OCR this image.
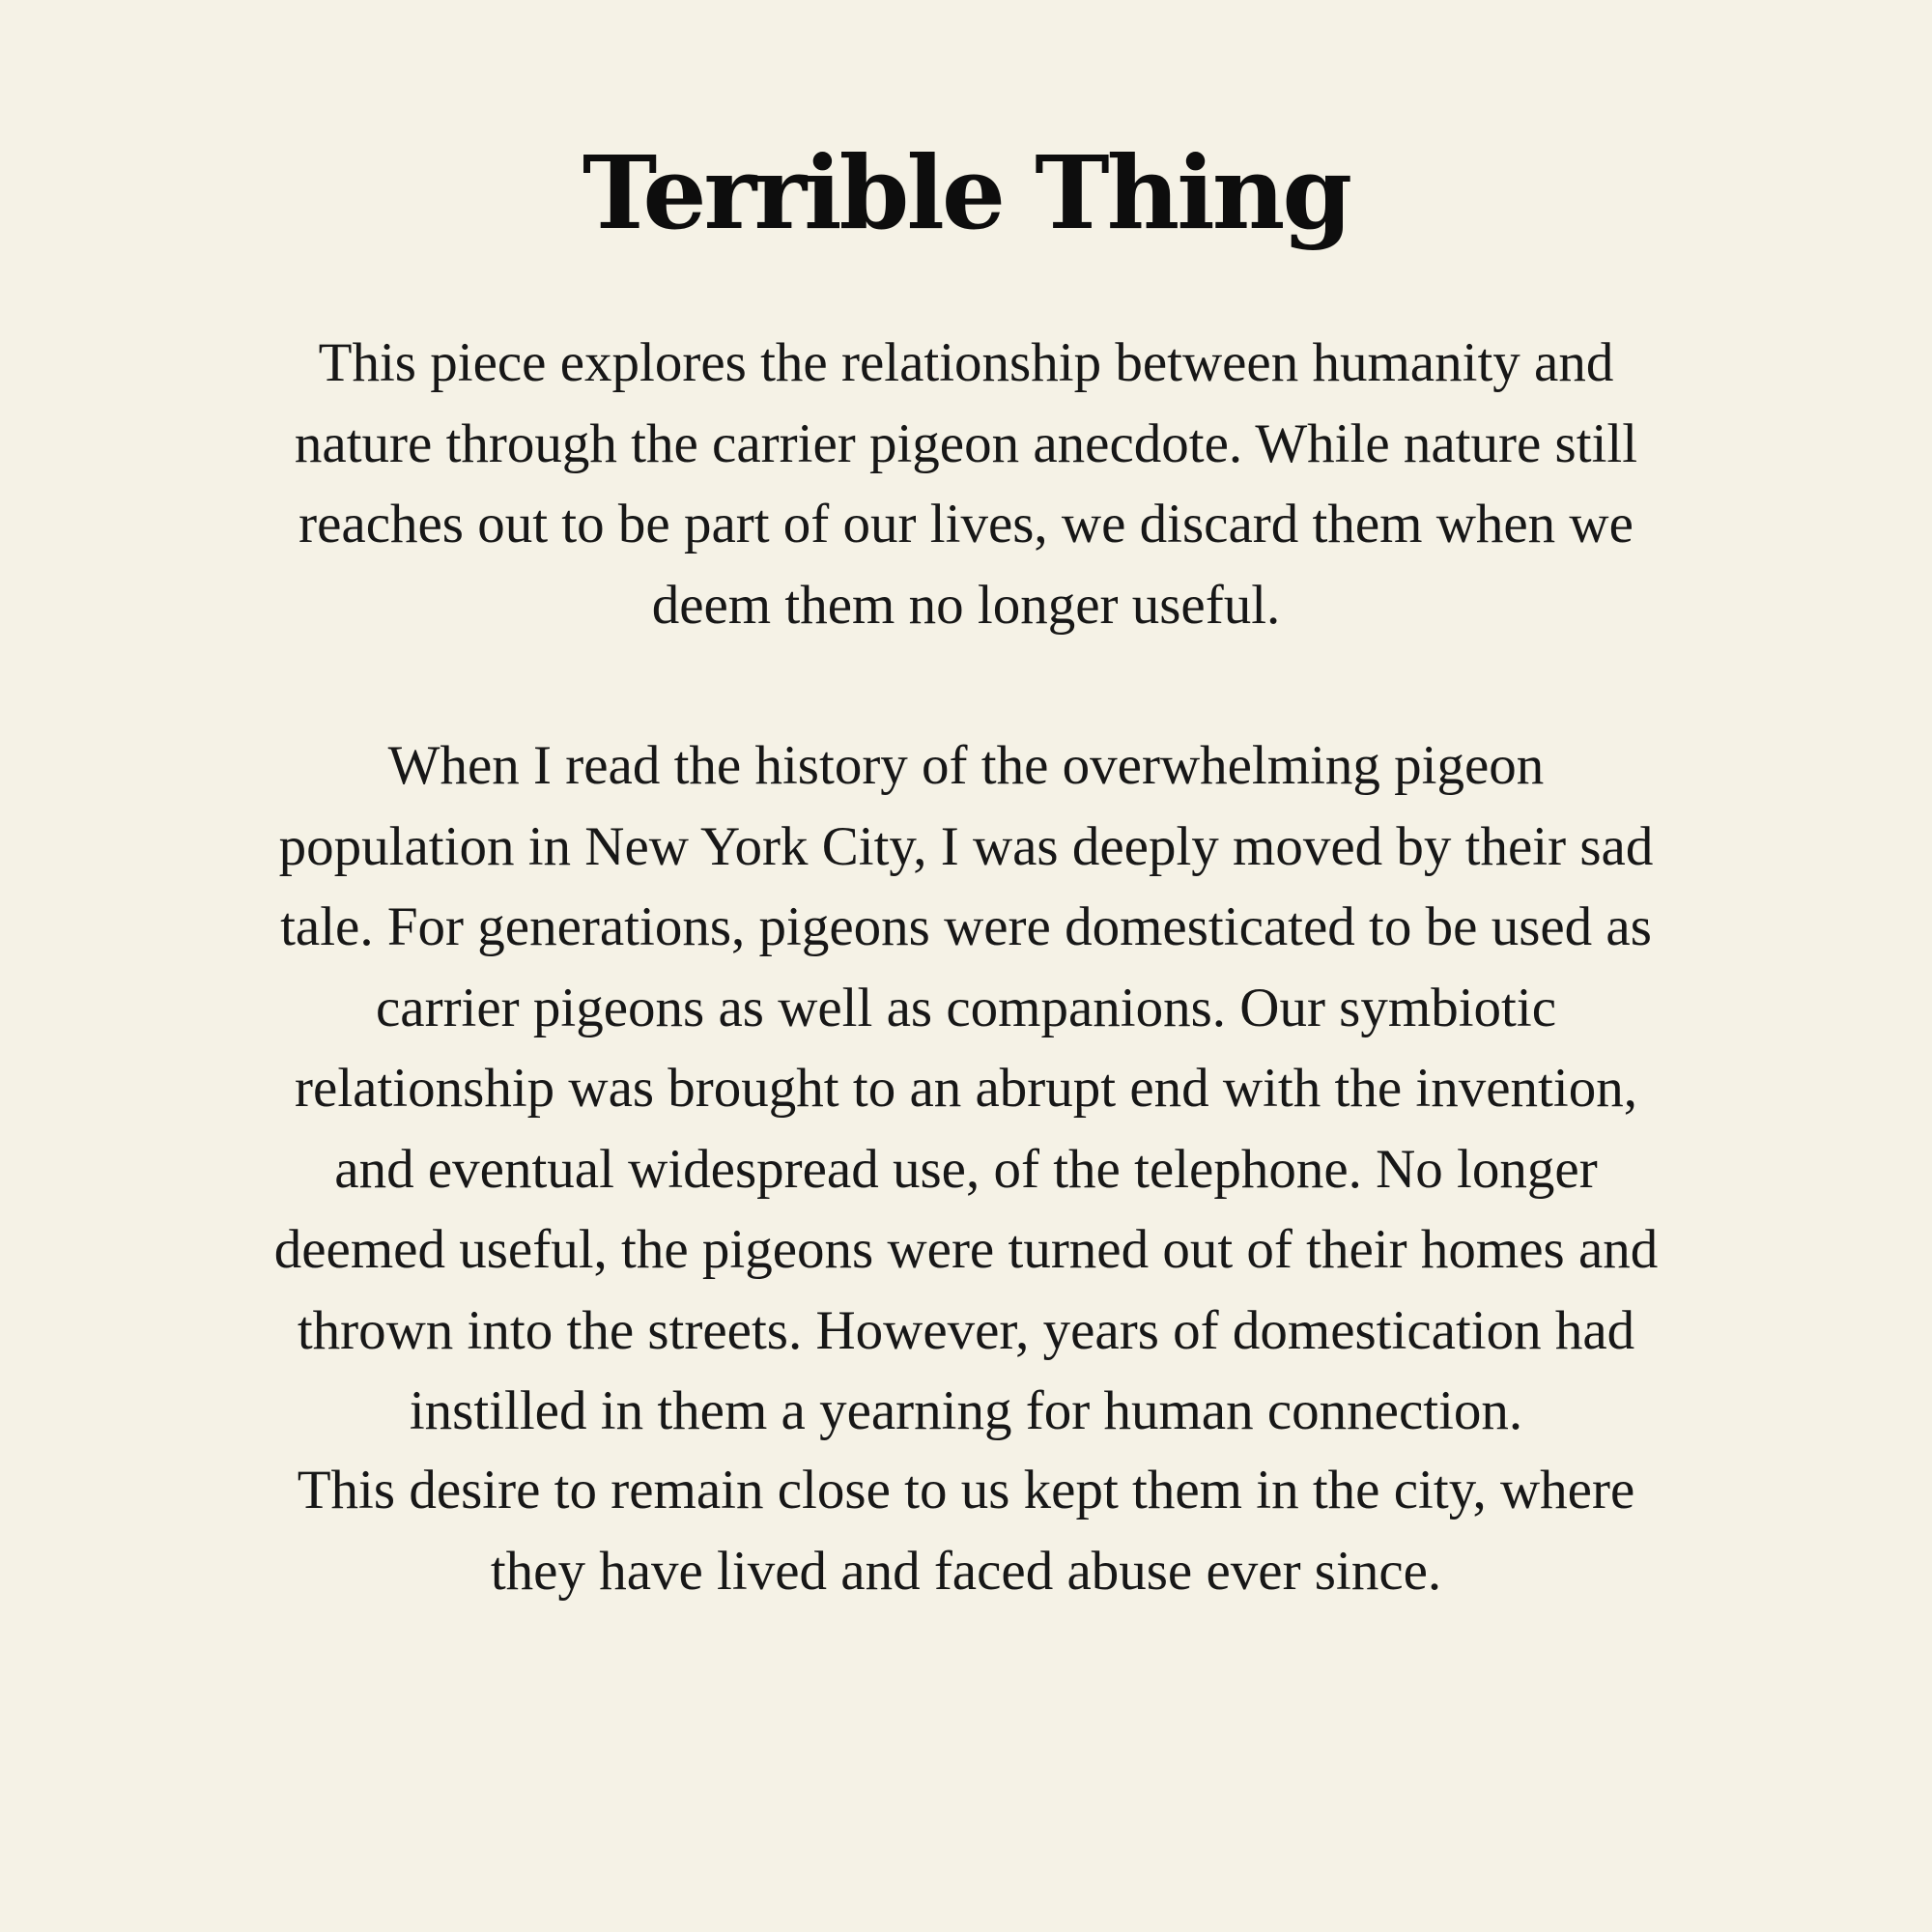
Terrible Thing

This piece explores the relationship between humanity and
nature through the carrier pigeon anecdote. While nature still
reaches out to be part of our lives, we discard them when we
deem them no longer useful.

When I read the history of the overwhelming pigeon
population in New York City, I was deeply moved by their sad
tale. For generations, pigeons were domesticated to be used as
carrier pigeons as well as companions. Our symbiotic
relationship was brought to an abrupt end with the invention,
and eventual widespread use, of the telephone. No longer
deemed useful, the pigeons were turned out of their homes and
thrown into the streets. However, years of domestication had
instilled in them a yearning for human connection.

This desire to remain close to us kept them in the city, where
they have lived and faced abuse ever since.
